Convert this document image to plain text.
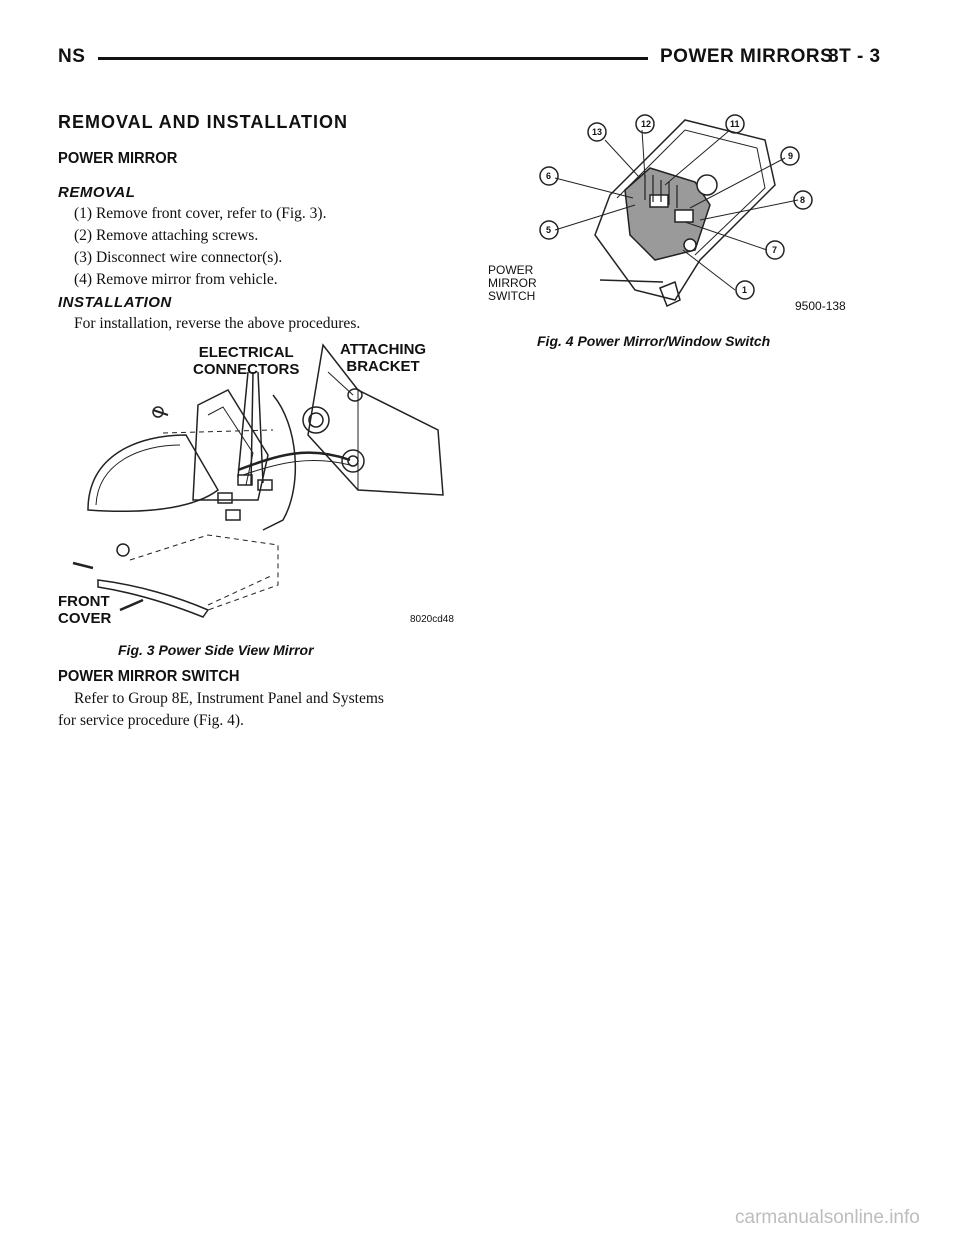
NS	POWER MIRRORS
8T - 3
REMOVAL AND INSTALLATION
POWER MIRROR
REMOVAL
(1) Remove front cover, refer to (Fig. 3).
(2) Remove attaching screws.
(3) Disconnect wire connector(s).
(4) Remove mirror from vehicle.
INSTALLATION
For installation, reverse the above procedures.
ELECTRICAL
CONNECTORS
ATTACHING
BRACKET
FRONT
COVER	8020cd48
Fig. 3 Power Side View Mirror
POWER MIRROR SWITCH
Refer to Group 8E, Instrument Panel and Systems
for service procedure (Fig. 4).
13
12	11
9
6
8
5
7
1
POWER
MIRROR
SWITCH
9500-138
Fig. 4 Power Mirror/Window Switch
carmanualsonline.info
